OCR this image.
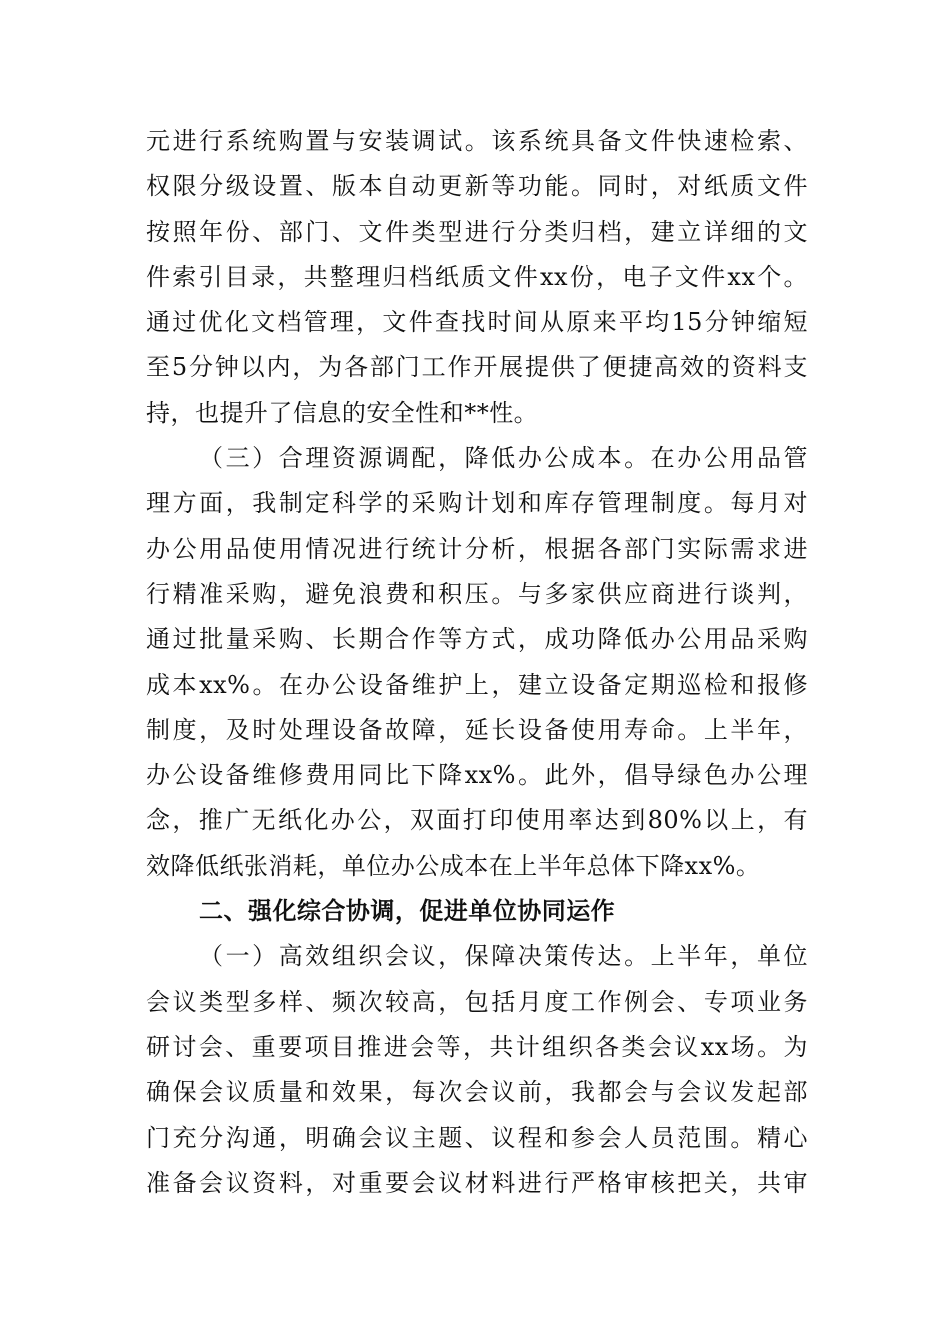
元进行系统购置与安装调试。该系统具备文件快速检索、
权限分级设置、版本自动更新等功能。同时，对纸质文件
按照年份、部门、文件类型进行分类归档，建立详细的文
件索引目录，共整理归档纸质文件xx份，电子文件xx个。
通过优化文档管理，文件查找时间从原来平均15分钟缩短
至5分钟以内，为各部门工作开展提供了便捷高效的资料支
持，也提升了信息的安全性和**性。
（三）合理资源调配，降低办公成本。在办公用品管
理方面，我制定科学的采购计划和库存管理制度。每月对
办公用品使用情况进行统计分析，根据各部门实际需求进
行精准采购，避免浪费和积压。与多家供应商进行谈判，
通过批量采购、长期合作等方式，成功降低办公用品采购
成本xx%。在办公设备维护上，建立设备定期巡检和报修
制度，及时处理设备故障，延长设备使用寿命。上半年，
办公设备维修费用同比下降xx%。此外，倡导绿色办公理
念，推广无纸化办公，双面打印使用率达到80%以上，有
效降低纸张消耗，单位办公成本在上半年总体下降xx%。
二、强化综合协调，促进单位协同运作
（一）高效组织会议，保障决策传达。上半年，单位
会议类型多样、频次较高，包括月度工作例会、专项业务
研讨会、重要项目推进会等，共计组织各类会议xx场。为
确保会议质量和效果，每次会议前，我都会与会议发起部
门充分沟通，明确会议主题、议程和参会人员范围。精心
准备会议资料，对重要会议材料进行严格审核把关，共审
